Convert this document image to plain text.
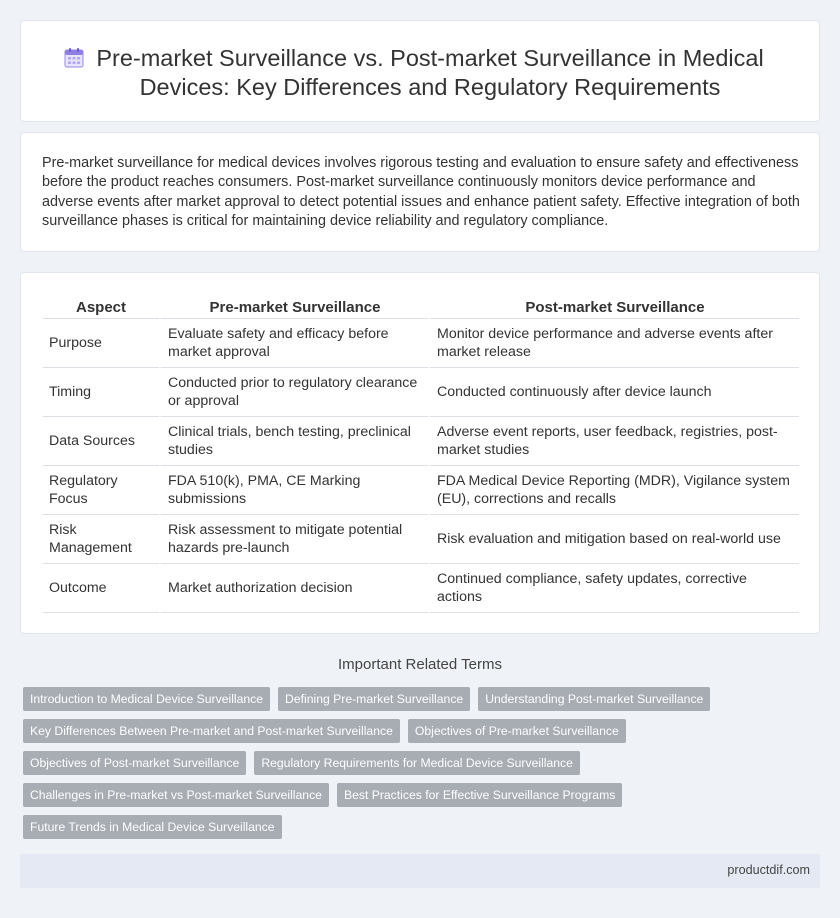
Pre-market Surveillance vs. Post-market Surveillance in Medical Devices: Key Differences and Regulatory Requirements

Pre-market surveillance for medical devices involves rigorous testing and evaluation to ensure safety and effectiveness before the product reaches consumers. Post-market surveillance continuously monitors device performance and adverse events after market approval to detect potential issues and enhance patient safety. Effective integration of both surveillance phases is critical for maintaining device reliability and regulatory compliance.

Aspect	Pre-market Surveillance	Post-market Surveillance
Purpose	Evaluate safety and efficacy before market approval	Monitor device performance and adverse events after market release
Timing	Conducted prior to regulatory clearance or approval	Conducted continuously after device launch
Data Sources	Clinical trials, bench testing, preclinical studies	Adverse event reports, user feedback, registries, post-market studies
Regulatory Focus	FDA 510(k), PMA, CE Marking submissions	FDA Medical Device Reporting (MDR), Vigilance system (EU), corrections and recalls
Risk Management	Risk assessment to mitigate potential hazards pre-launch	Risk evaluation and mitigation based on real-world use
Outcome	Market authorization decision	Continued compliance, safety updates, corrective actions
Important Related Terms
Introduction to Medical Device Surveillance	Defining Pre-market Surveillance	Understanding Post-market Surveillance
Key Differences Between Pre-market and Post-market Surveillance	Objectives of Pre-market Surveillance
Objectives of Post-market Surveillance	Regulatory Requirements for Medical Device Surveillance
Challenges in Pre-market vs Post-market Surveillance	Best Practices for Effective Surveillance Programs
Future Trends in Medical Device Surveillance
productdif.com
